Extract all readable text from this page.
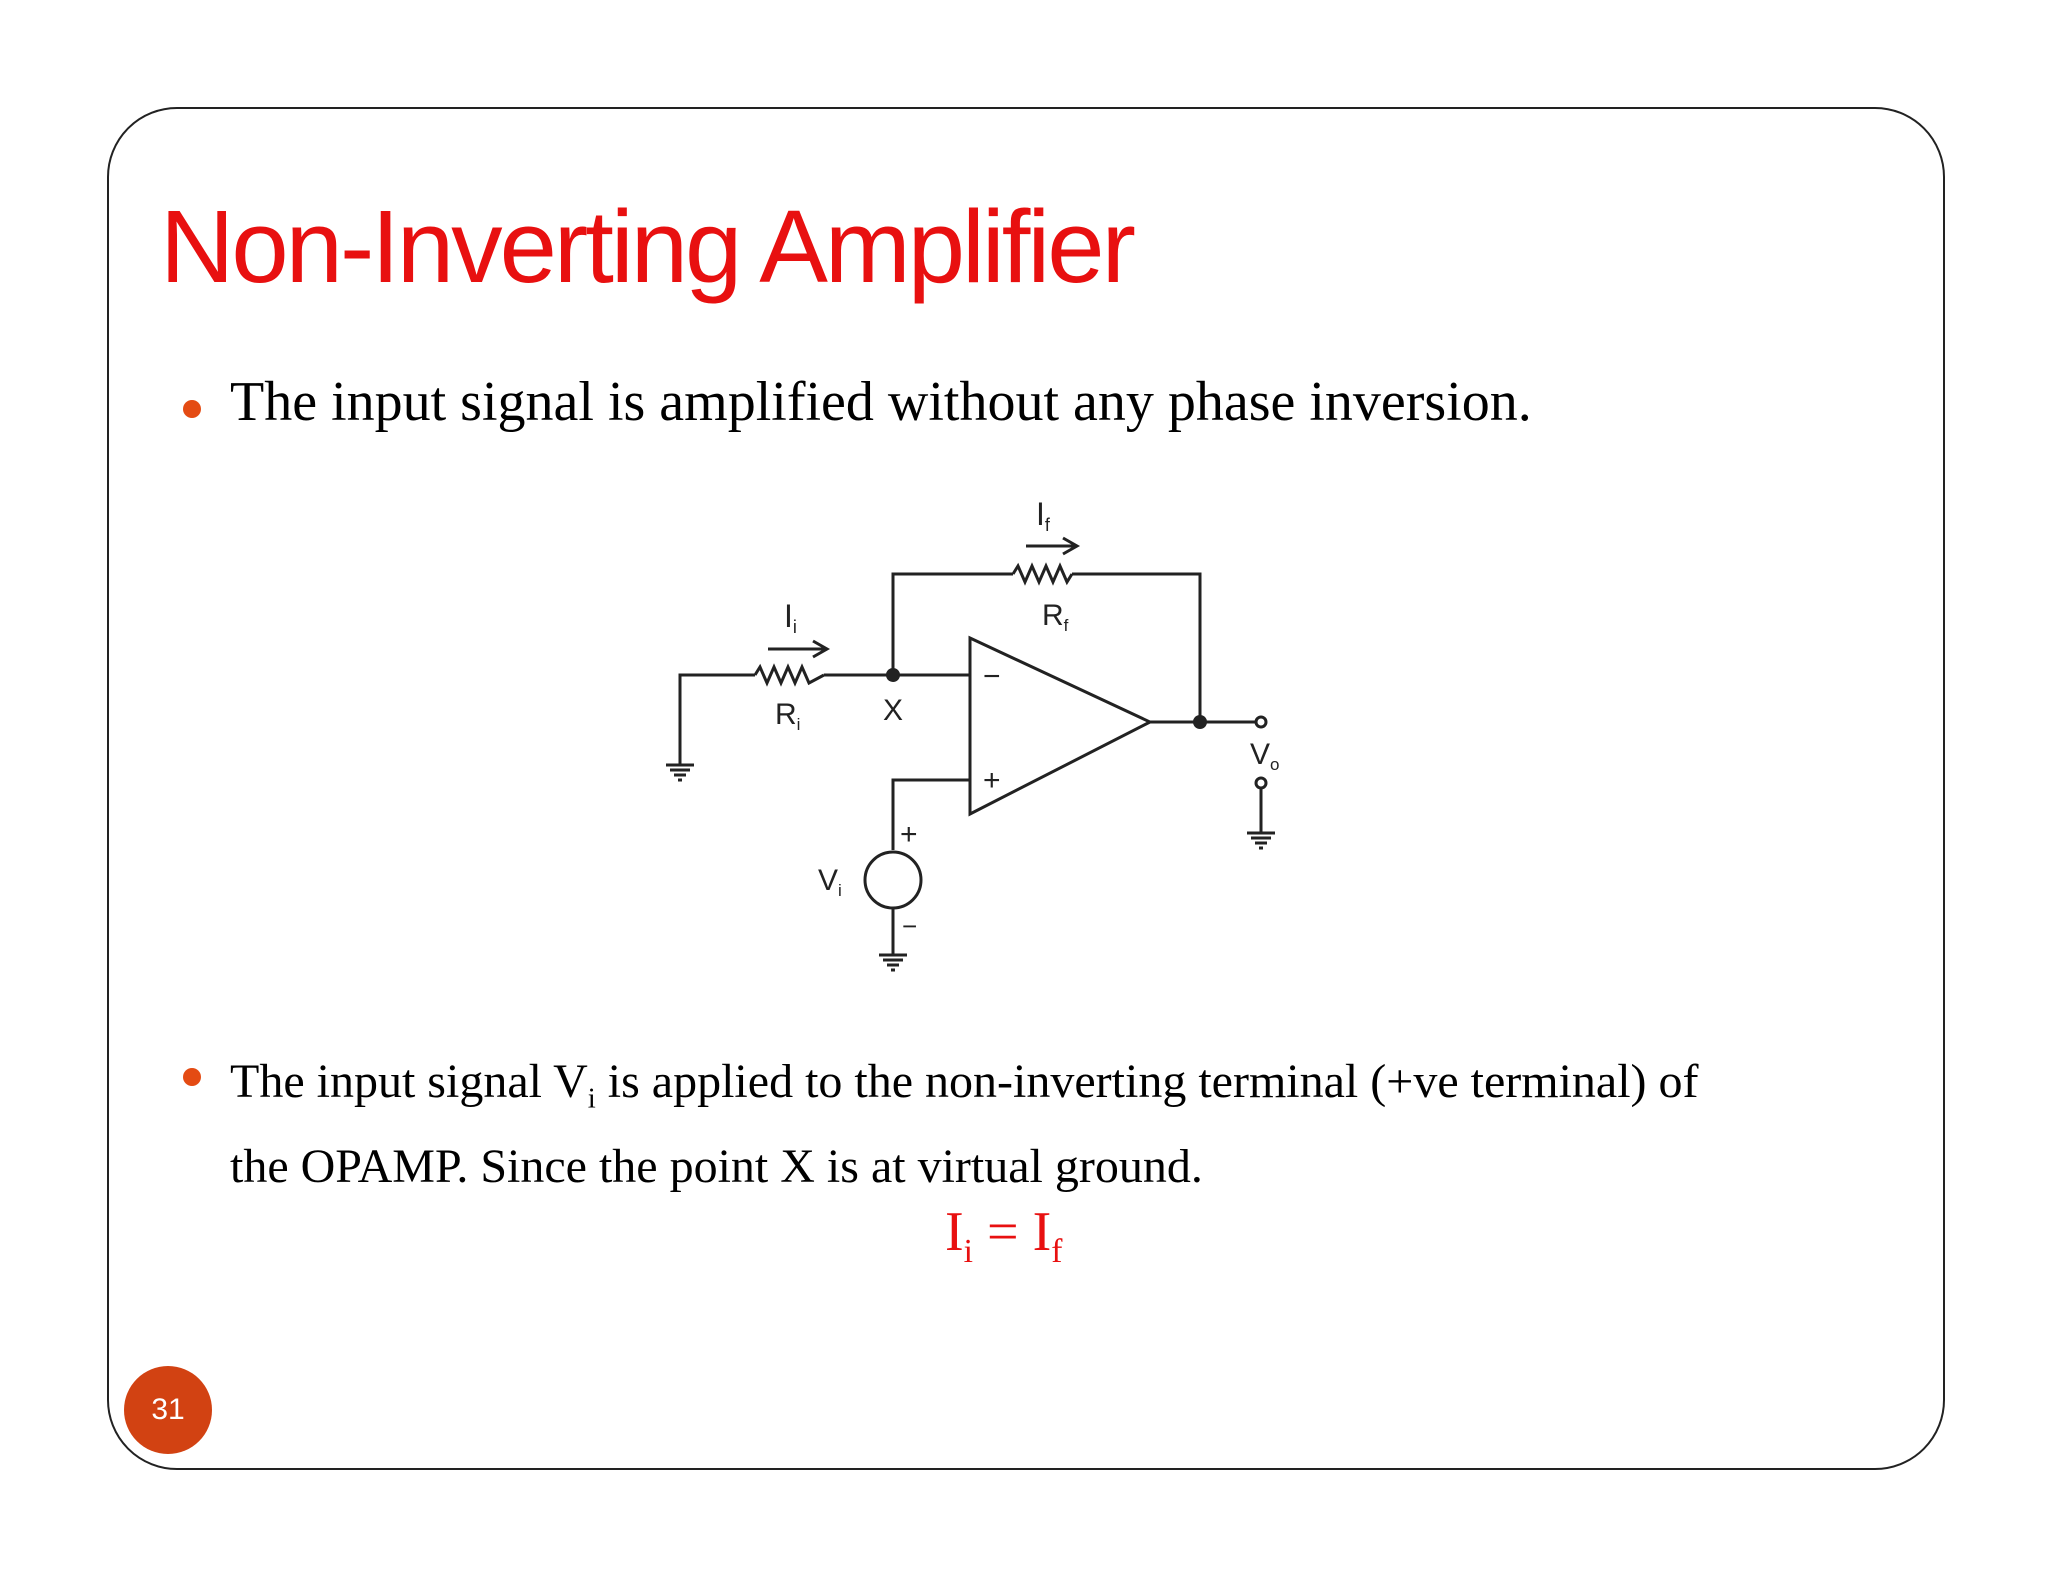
Non-Inverting Amplifier
The input signal is amplified without any phase inversion.
If
$R_f$
Ii
$R_i$	X
$V_o$
$V_i$
−
+
+
−
The input signal $V_i$ is applied to the non-inverting terminal (+ve terminal) of
the OPAMP. Since the point X is at virtual ground.
$I_i = I_f$
31
